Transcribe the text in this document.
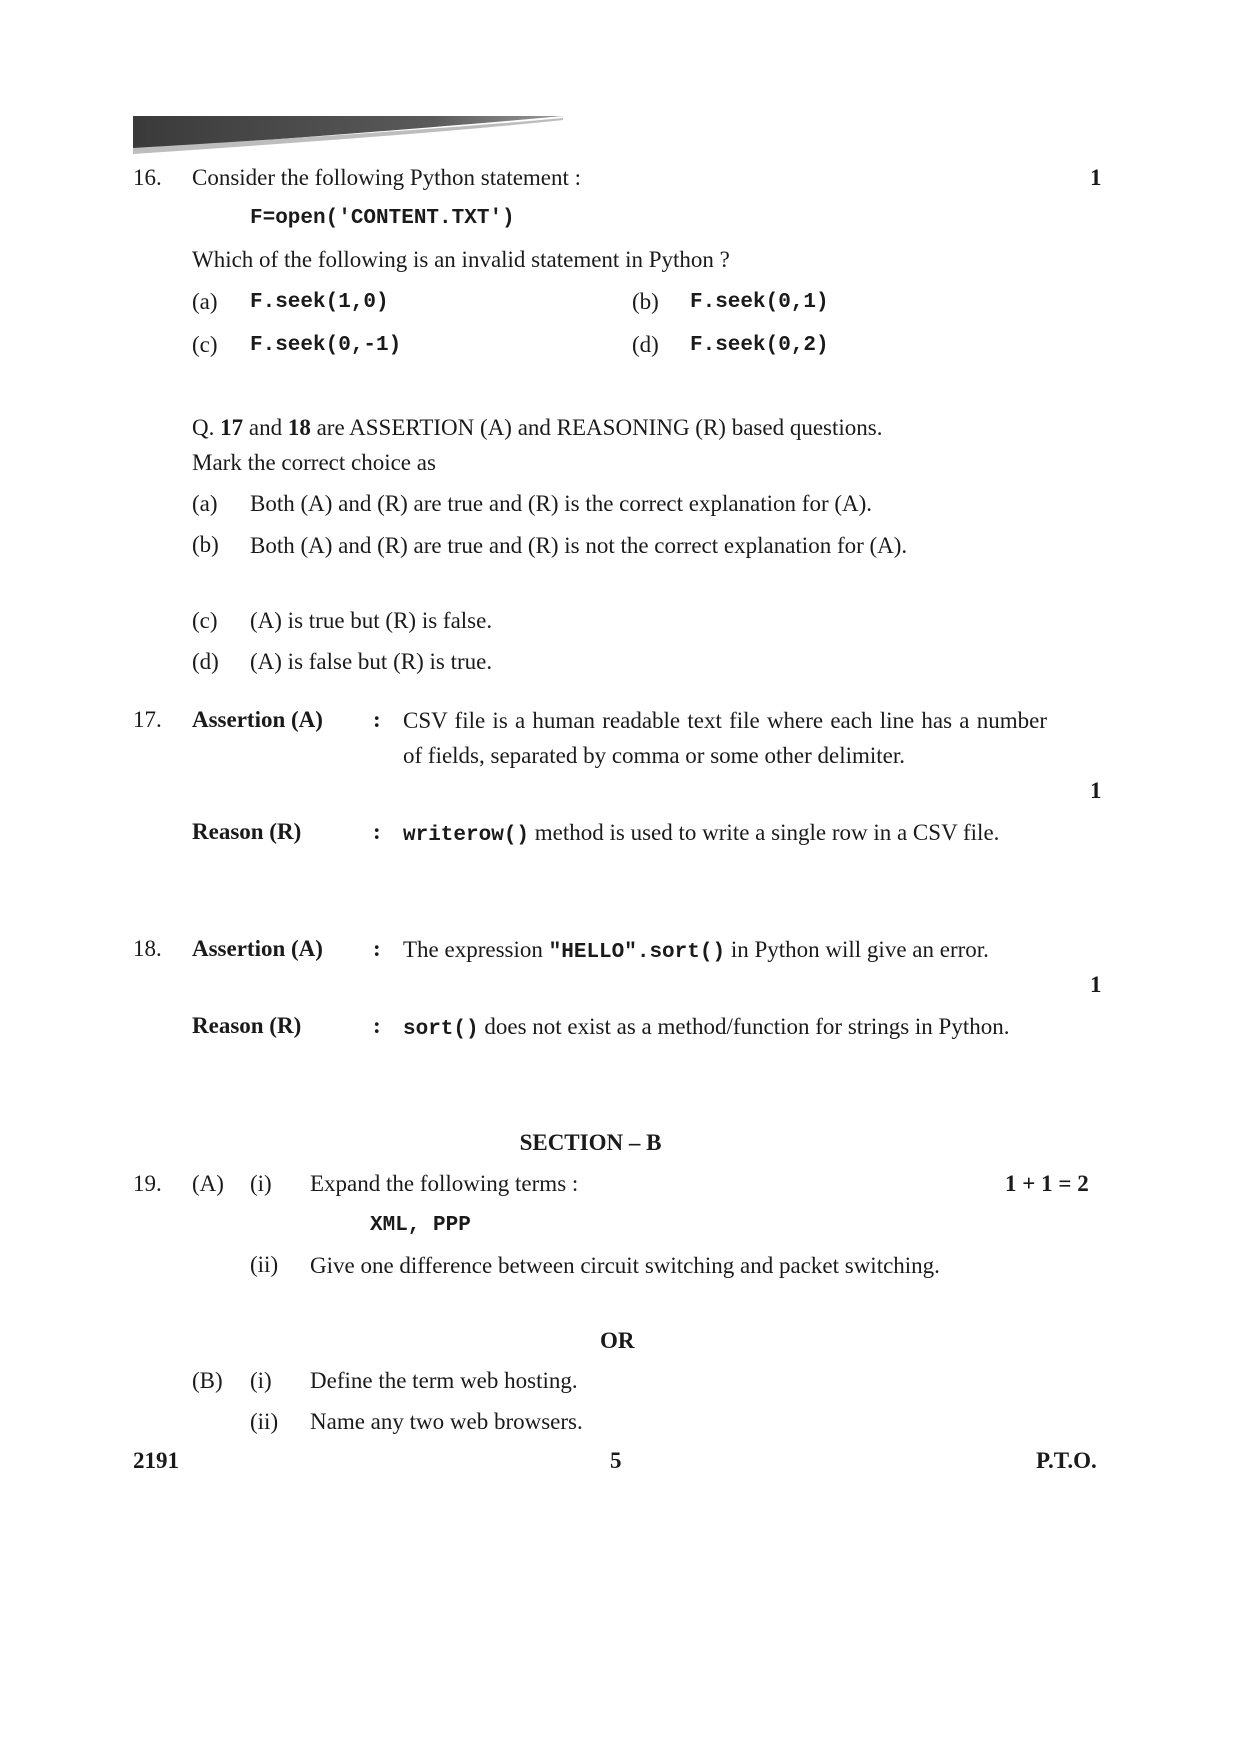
16. Consider the following Python statement :	1
F=open('CONTENT.TXT')
Which of the following is an invalid statement in Python ?
(a) F.seek(1,0)	(b) F.seek(0,1)
(c) F.seek(0,-1)	(d) F.seek(0,2)
Q. 17 and 18 are ASSERTION (A) and REASONING (R) based questions.
Mark the correct choice as
(a) Both (A) and (R) are true and (R) is the correct explanation for (A).
(b) Both (A) and (R) are true and (R) is not the correct explanation for (A).
(c) (A) is true but (R) is false.
(d) (A) is false but (R) is true.
17. Assertion (A) : CSV file is a human readable text file where each line has a number of fields, separated by comma or some other delimiter.
1
Reason (R)	: writerow() method is used to write a single row in a CSV file.
18. Assertion (A) : The expression "HELLO".sort() in Python will give an error.
1
Reason (R)	: sort() does not exist as a method/function for strings in Python.
SECTION – B
19. (A) (i) Expand the following terms :	1 + 1 = 2
XML, PPP
(ii) Give one difference between circuit switching and packet switching.
OR
(B) (i) Define the term web hosting.
(ii) Name any two web browsers.
2191	5	P.T.O.
